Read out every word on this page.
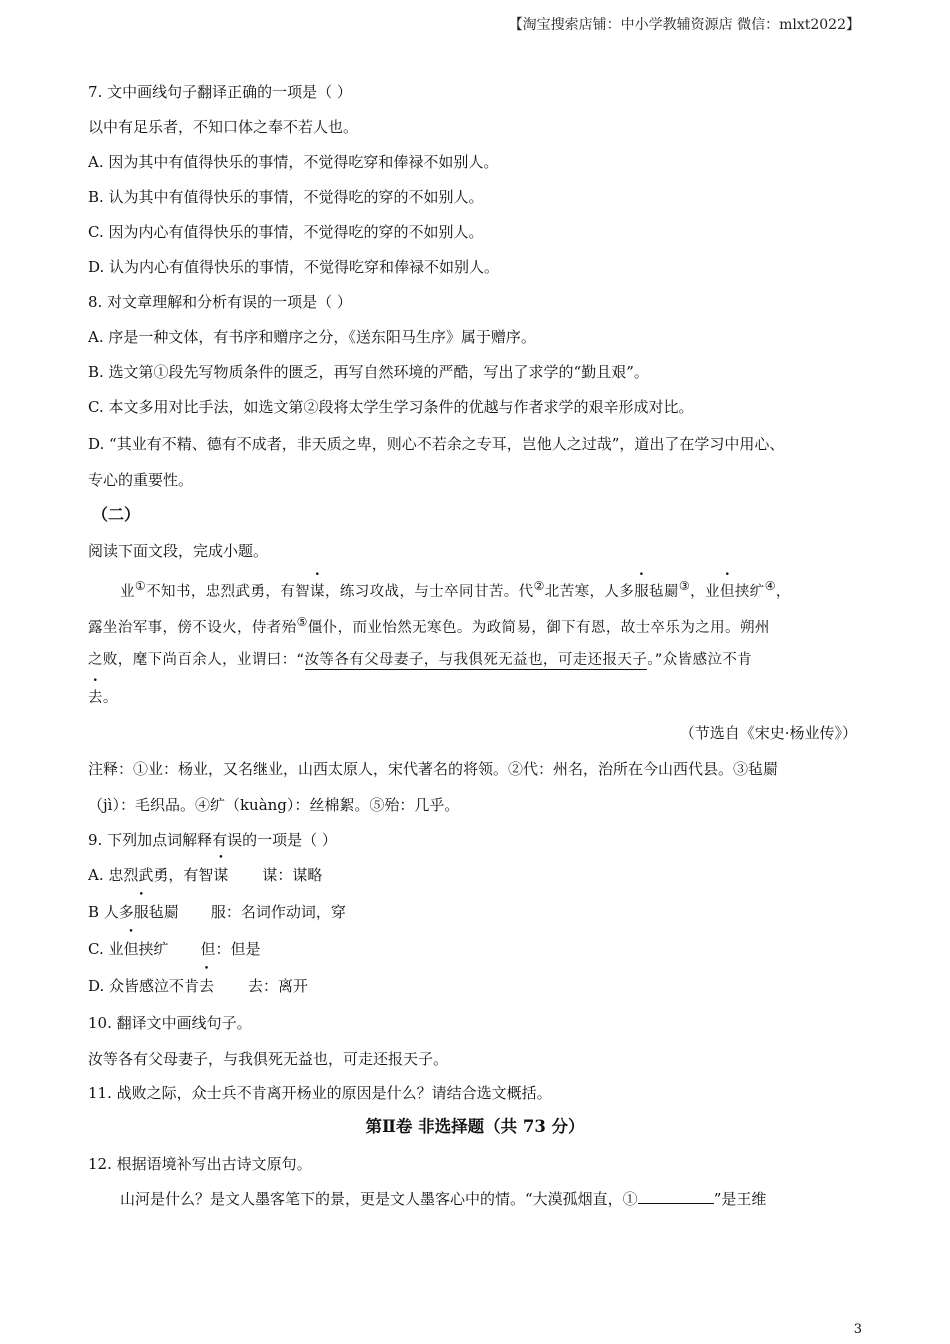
【淘宝搜索店铺：中小学教辅资源店 微信：mlxt2022】
7. 文中画线句子翻译正确的一项是（ ）
以中有足乐者，不知口体之奉不若人也。
A. 因为其中有值得快乐的事情，不觉得吃穿和俸禄不如别人。
B. 认为其中有值得快乐的事情，不觉得吃的穿的不如别人。
C. 因为内心有值得快乐的事情，不觉得吃的穿的不如别人。
D. 认为内心有值得快乐的事情，不觉得吃穿和俸禄不如别人。
8. 对文章理解和分析有误的一项是（ ）
A. 序是一种文体，有书序和赠序之分，《送东阳马生序》属于赠序。
B. 选文第①段先写物质条件的匮乏，再写自然环境的严酷，写出了求学的“勤且艰”。
C. 本文多用对比手法，如选文第②段将太学生学习条件的优越与作者求学的艰辛形成对比。
D. “其业有不精、德有不成者，非天质之卑，则心不若余之专耳，岂他人之过哉”，道出了在学习中用心、
专心的重要性。
（二）
阅读下面文段，完成小题。
业①不知书，忠烈武勇，有智谋，练习攻战，与士卒同甘苦。代②北苦寒，人多服毡罽③，业但挟纩④，
露坐治军事，傍不设火，侍者殆⑤僵仆，而业怡然无寒色。为政简易，御下有恩，故士卒乐为之用。朔州
之败，麾下尚百余人，业谓曰：“汝等各有父母妻子，与我俱死无益也，可走还报天子。”众皆感泣不肯
去。
（节选自《宋史·杨业传》）
注释：①业：杨业，又名继业，山西太原人，宋代著名的将领。②代：州名，治所在今山西代县。③毡罽
（jì）：毛织品。④纩（kuàng）：丝棉絮。⑤殆：几乎。
9. 下列加点词解释有误的一项是（ ）
A. 忠烈武勇，有智谋 谋：谋略
B 人多服毡罽 服：名词作动词，穿
C. 业但挟纩 但：但是
D. 众皆感泣不肯去 去：离开
10. 翻译文中画线句子。
汝等各有父母妻子，与我俱死无益也，可走还报天子。
11. 战败之际，众士兵不肯离开杨业的原因是什么？请结合选文概括。
第Ⅱ卷 非选择题（共 73 分）
12. 根据语境补写出古诗文原句。
山河是什么？是文人墨客笔下的景，更是文人墨客心中的情。“大漠孤烟直，①	”是王维
3
